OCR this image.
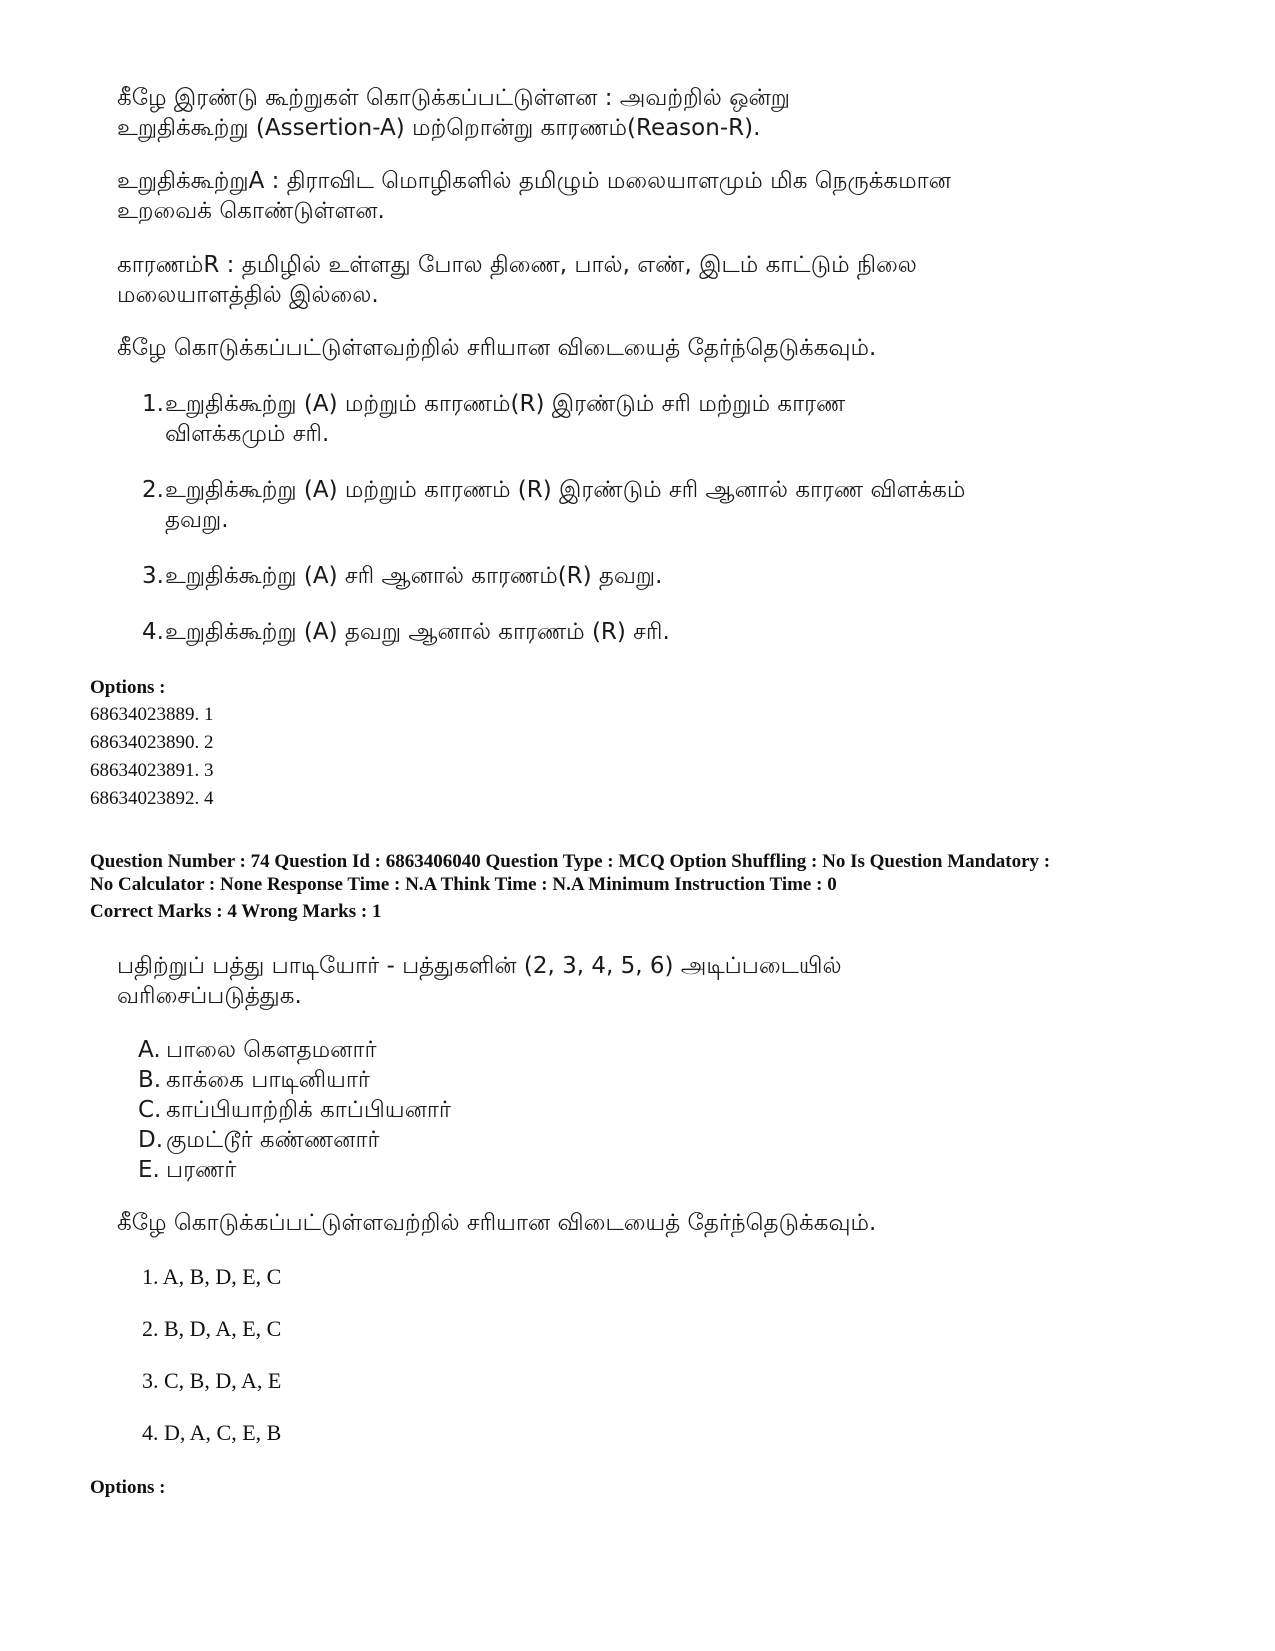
கீழே இரண்டு கூற்றுகள் கொடுக்கப்பட்டுள்ளன : அவற்றில் ஒன்று

உறுதிக்கூற்று (Assertion-A) மற்றொன்று காரணம்(Reason-R).

உறுதிக்கூற்றுA : திராவிட மொழிகளில் தமிழும் மலையாளமும் மிக நெருக்கமான

உறவைக் கொண்டுள்ளன.

காரணம்R : தமிழில் உள்ளது போல திணை, பால், எண், இடம் காட்டும் நிலை

மலையாளத்தில் இல்லை.

கீழே கொடுக்கப்பட்டுள்ளவற்றில் சரியான விடையைத் தேர்ந்தெடுக்கவும்.

1. உறுதிக்கூற்று (A) மற்றும் காரணம்(R) இரண்டும் சரி மற்றும் காரண

விளக்கமும் சரி.

2. உறுதிக்கூற்று (A) மற்றும் காரணம் (R) இரண்டும் சரி ஆனால் காரண விளக்கம்

தவறு.

3. உறுதிக்கூற்று (A) சரி ஆனால் காரணம்(R) தவறு.

4. உறுதிக்கூற்று (A) தவறு ஆனால் காரணம் (R) சரி.

Options :

68634023889. 1

68634023890. 2

68634023891. 3

68634023892. 4

Question Number : 74 Question Id : 6863406040 Question Type : MCQ Option Shuffling : No Is Question Mandatory :

No Calculator : None Response Time : N.A Think Time : N.A Minimum Instruction Time : 0

Correct Marks : 4 Wrong Marks : 1

பதிற்றுப் பத்து பாடியோர் - பத்துகளின் (2, 3, 4, 5, 6) அடிப்படையில்

வரிசைப்படுத்துக.

A. பாலை கௌதமனார்

B. காக்கை பாடினியார்

C. காப்பியாற்றிக் காப்பியனார்

D. குமட்டூர் கண்ணனார்

E. பரணர்

கீழே கொடுக்கப்பட்டுள்ளவற்றில் சரியான விடையைத் தேர்ந்தெடுக்கவும்.

1. A, B, D, E, C

2. B, D, A, E, C

3. C, B, D, A, E

4. D, A, C, E, B

Options :
